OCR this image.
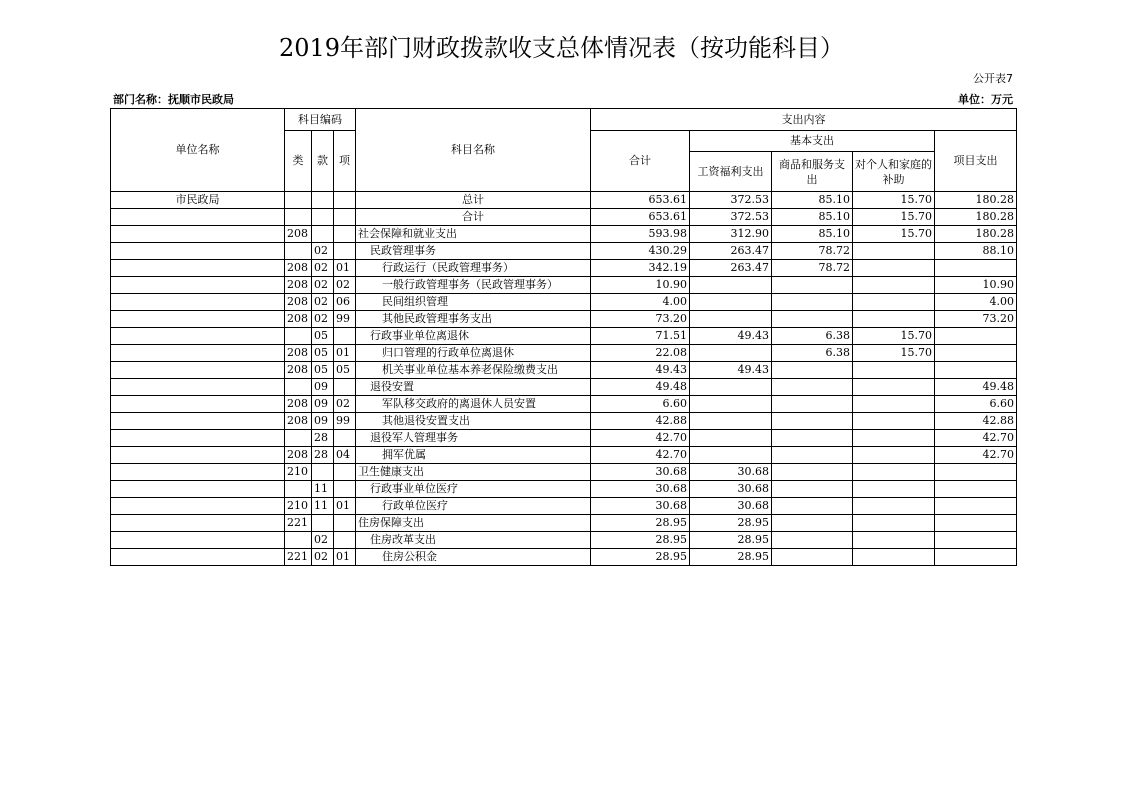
2019年部门财政拨款收支总体情况表（按功能科目）
公开表7
部门名称：抚顺市民政局	单位：万元
单位名称	科目编码			科目名称	支出内容				
	类	款	项		合计	基本支出			项目支出
						工资福利支出	商品和服务支出	对个人和家庭的补助	
市民政局				总计	653.61	372.53	85.10	15.70	180.28
				合计	653.61	372.53	85.10	15.70	180.28
	208			社会保障和就业支出	593.98	312.90	85.10	15.70	180.28
		02		民政管理事务	430.29	263.47	78.72		88.10
	208	02	01	行政运行（民政管理事务）	342.19	263.47	78.72		
	208	02	02	一般行政管理事务（民政管理事务）	10.90				10.90
	208	02	06	民间组织管理	4.00				4.00
	208	02	99	其他民政管理事务支出	73.20				73.20
		05		行政事业单位离退休	71.51	49.43	6.38	15.70	
	208	05	01	归口管理的行政单位离退休	22.08		6.38	15.70	
	208	05	05	机关事业单位基本养老保险缴费支出	49.43	49.43			
		09		退役安置	49.48				49.48
	208	09	02	军队移交政府的离退休人员安置	6.60				6.60
	208	09	99	其他退役安置支出	42.88				42.88
		28		退役军人管理事务	42.70				42.70
	208	28	04	拥军优属	42.70				42.70
	210			卫生健康支出	30.68	30.68			
		11		行政事业单位医疗	30.68	30.68			
	210	11	01	行政单位医疗	30.68	30.68			
	221			住房保障支出	28.95	28.95			
		02		住房改革支出	28.95	28.95			
	221	02	01	住房公积金	28.95	28.95			
